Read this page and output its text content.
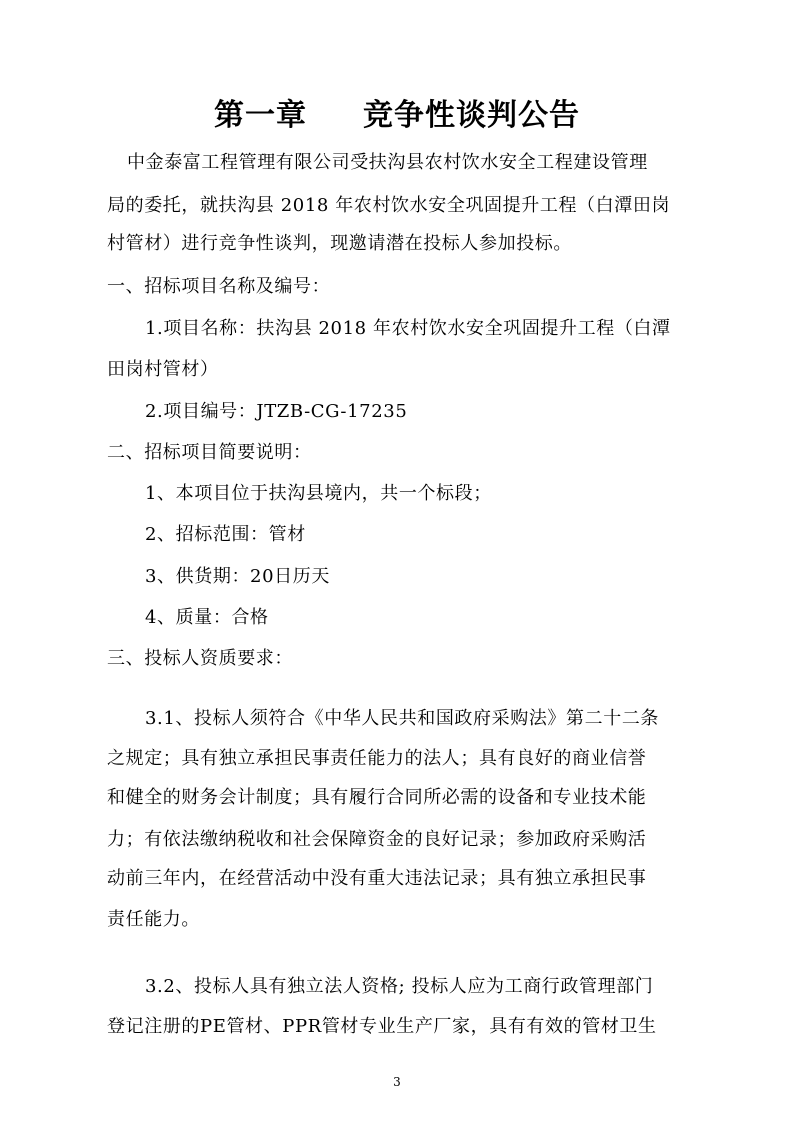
第一章 竞争性谈判公告
中金泰富工程管理有限公司受扶沟县农村饮水安全工程建设管理
局的委托，就扶沟县 2018 年农村饮水安全巩固提升工程（白潭田岗
村管材）进行竞争性谈判，现邀请潜在投标人参加投标。
一、招标项目名称及编号：
1.项目名称：扶沟县 2018 年农村饮水安全巩固提升工程（白潭
田岗村管材）
2.项目编号：JTZB-CG-17235
二、招标项目简要说明：
1、本项目位于扶沟县境内，共一个标段；
2、招标范围：管材
3、供货期：20日历天
4、质量：合格
三、投标人资质要求：
3.1、投标人须符合《中华人民共和国政府采购法》第二十二条
之规定；具有独立承担民事责任能力的法人；具有良好的商业信誉
和健全的财务会计制度；具有履行合同所必需的设备和专业技术能
力；有依法缴纳税收和社会保障资金的良好记录；参加政府采购活
动前三年内，在经营活动中没有重大违法记录；具有独立承担民事
责任能力。
3.2、投标人具有独立法人资格; 投标人应为工商行政管理部门
登记注册的PE管材、PPR管材专业生产厂家，具有有效的管材卫生
3
